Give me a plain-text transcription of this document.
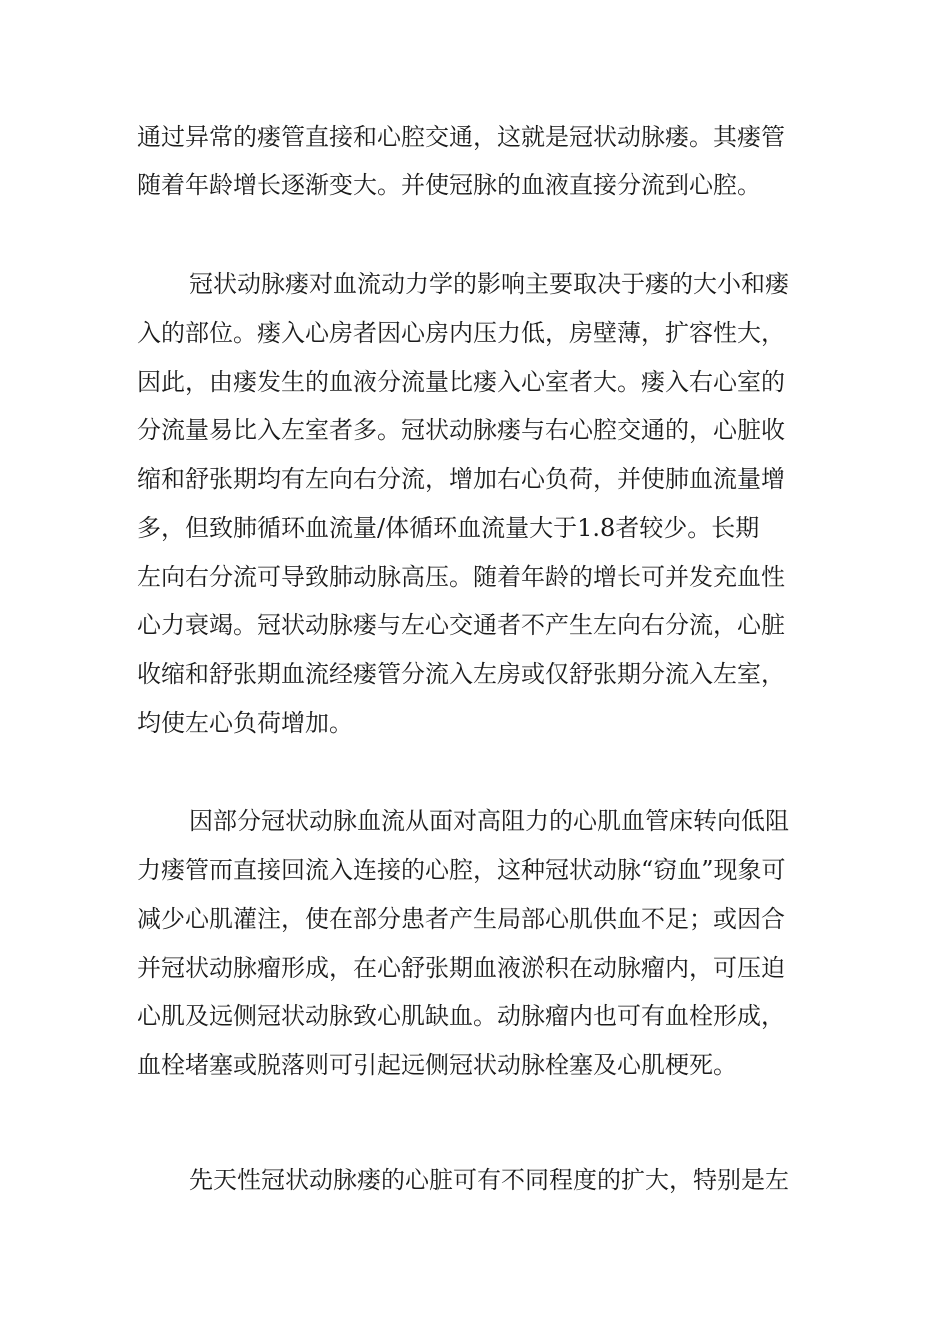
通过异常的瘘管直接和心腔交通，这就是冠状动脉瘘。其瘘管
随着年龄增长逐渐变大。并使冠脉的血液直接分流到心腔。
冠状动脉瘘对血流动力学的影响主要取决于瘘的大小和瘘
入的部位。瘘入心房者因心房内压力低，房壁薄，扩容性大，
因此，由瘘发生的血液分流量比瘘入心室者大。瘘入右心室的
分流量易比入左室者多。冠状动脉瘘与右心腔交通的，心脏收
缩和舒张期均有左向右分流，增加右心负荷，并使肺血流量增
多，但致肺循环血流量/体循环血流量大于1.8者较少。长期
左向右分流可导致肺动脉高压。随着年龄的增长可并发充血性
心力衰竭。冠状动脉瘘与左心交通者不产生左向右分流，心脏
收缩和舒张期血流经瘘管分流入左房或仅舒张期分流入左室，
均使左心负荷增加。
因部分冠状动脉血流从面对高阻力的心肌血管床转向低阻
力瘘管而直接回流入连接的心腔，这种冠状动脉“窃血”现象可
减少心肌灌注，使在部分患者产生局部心肌供血不足；或因合
并冠状动脉瘤形成，在心舒张期血液淤积在动脉瘤内，可压迫
心肌及远侧冠状动脉致心肌缺血。动脉瘤内也可有血栓形成，
血栓堵塞或脱落则可引起远侧冠状动脉栓塞及心肌梗死。
先天性冠状动脉瘘的心脏可有不同程度的扩大，特别是左
